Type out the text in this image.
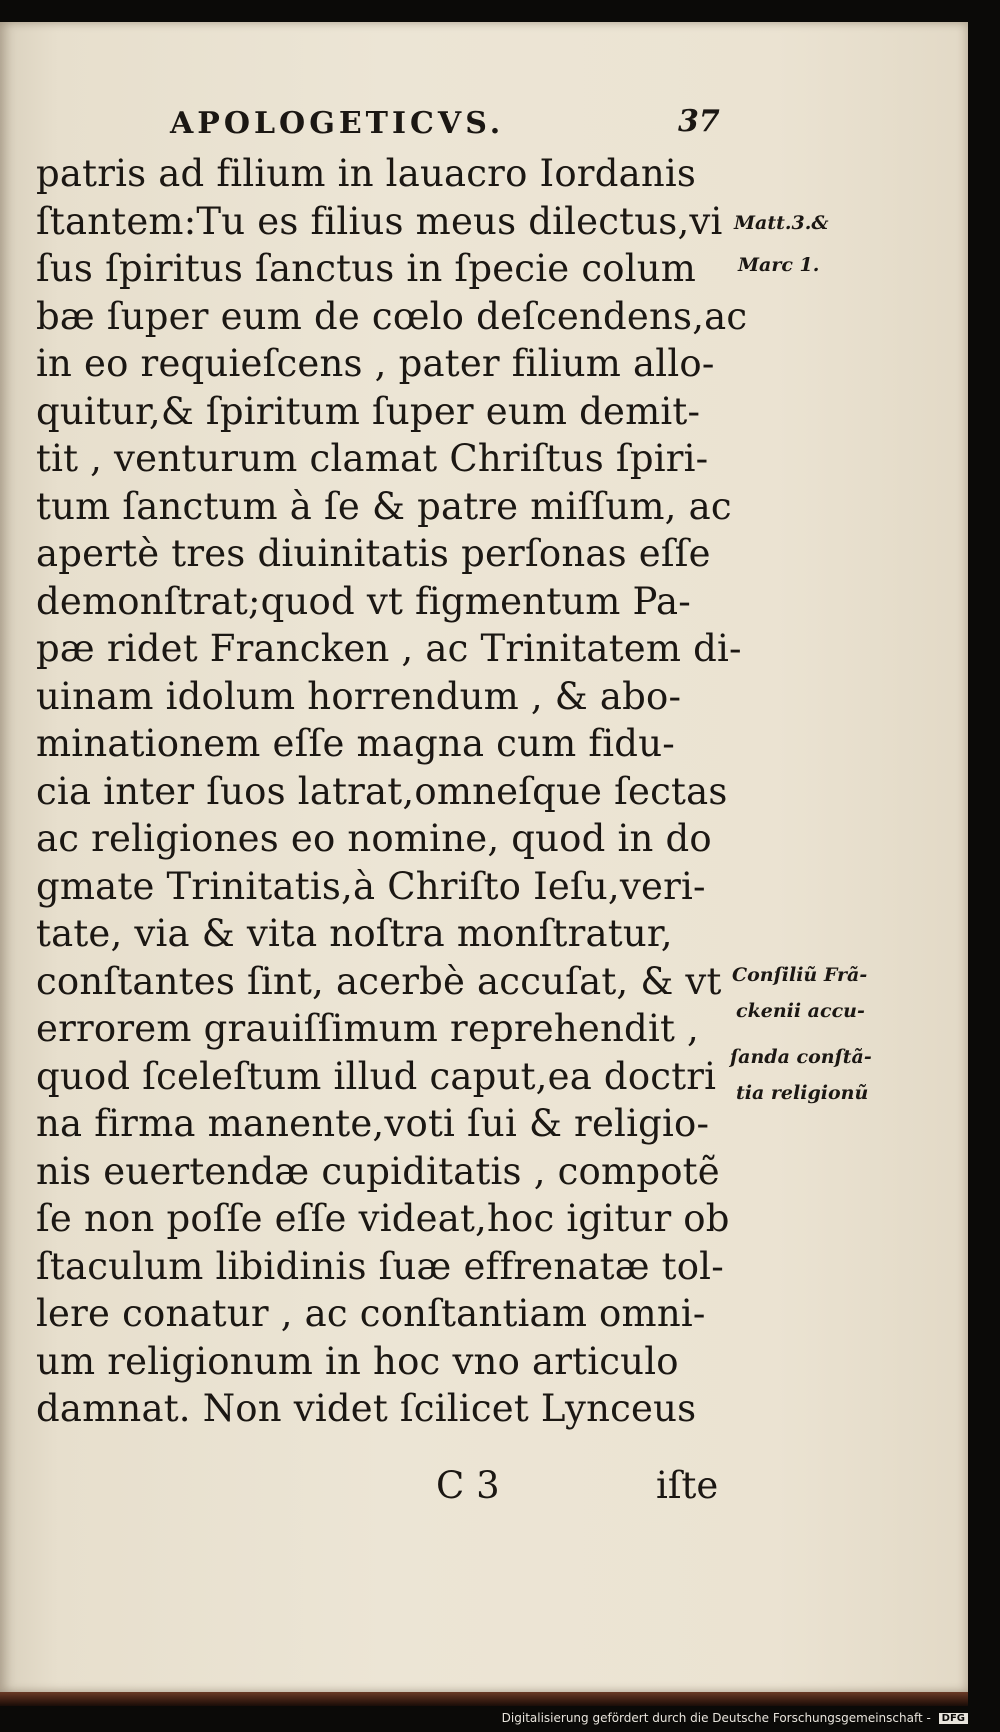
APOLOGETICVS.	37
patris ad filium in lauacro Iordanis
ſtantem:Tu es filius meus dilectus,vi
ſus ſpiritus ſanctus in ſpecie colum
bæ ſuper eum de cœlo deſcendens,ac
in eo requieſcens , pater filium allo-
quitur,& ſpiritum ſuper eum demit-
tit , venturum clamat Chriſtus ſpiri-
tum ſanctum à ſe & patre miſſum, ac
apertè tres diuinitatis perſonas eſſe
demonſtrat;quod vt figmentum Pa-
pæ ridet Francken , ac Trinitatem di-
uinam idolum horrendum , & abo-
minationem eſſe magna cum fidu-
cia inter ſuos latrat,omneſque ſectas
ac religiones eo nomine, quod in do
gmate Trinitatis,à Chriſto Ieſu,veri-
tate, via & vita noſtra monſtratur,
conſtantes ſint, acerbè accuſat, & vt
errorem grauiſſimum reprehendit ,
quod ſceleſtum illud caput,ea doctri
na firma manente,voti ſui & religio-
nis euertendæ cupiditatis , compotẽ
ſe non poſſe eſſe videat,hoc igitur ob
ſtaculum libidinis ſuæ effrenatæ tol-
lere conatur , ac conſtantiam omni-
um religionum in hoc vno articulo
damnat. Non videt ſcilicet Lynceus
Matt.3.&
Marc 1.
Conſiliũ Frã-
ckenii accu-
ſanda conſtã-
tia religionũ
C 3	iſte
Digitalisierung gefördert durch die Deutsche Forschungsgemeinschaft - DFG
